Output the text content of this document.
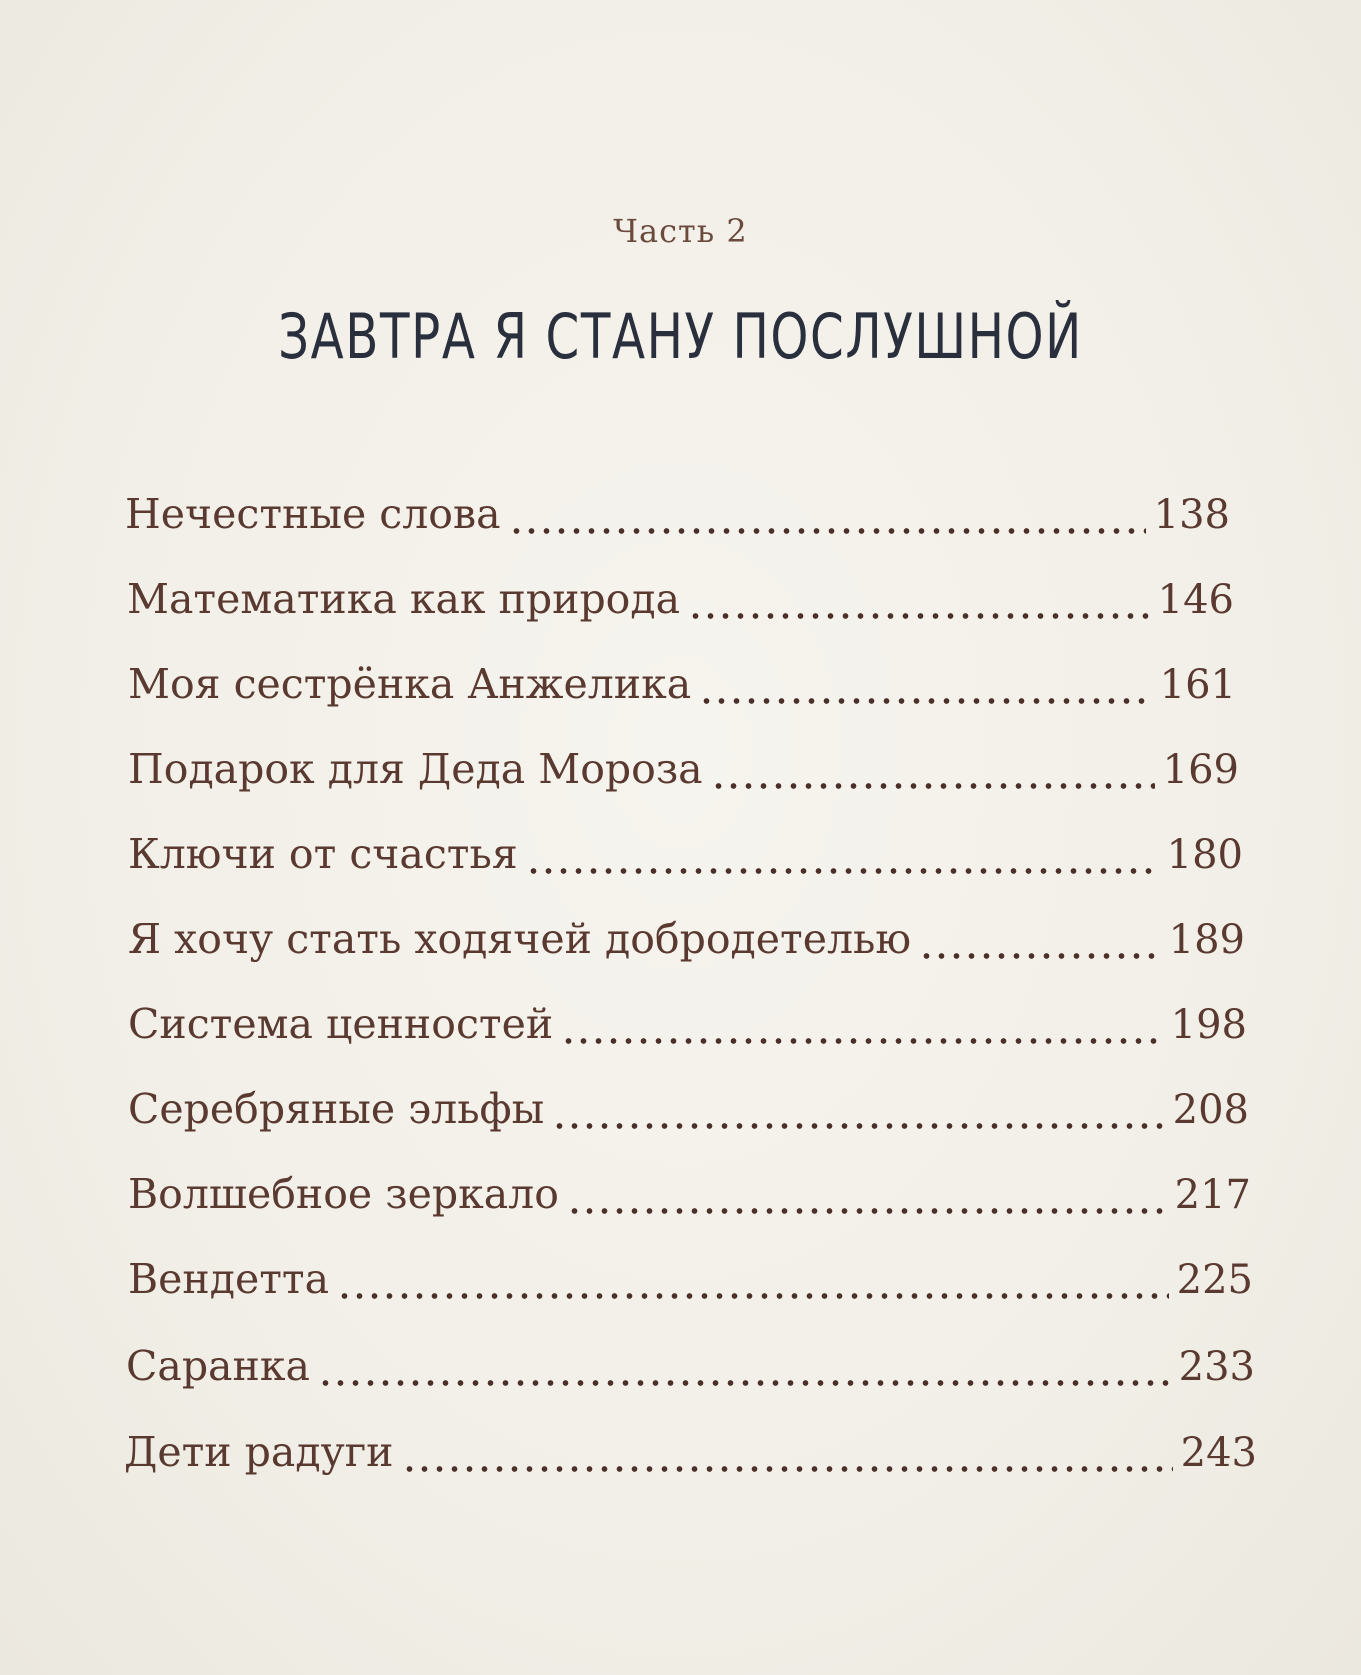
Часть 2
ЗАВТРА Я СТАНУ ПОСЛУШНОЙ
Нечестные слова	138
Математика как природа	146
Моя сестрёнка Анжелика	161
Подарок для Деда Мороза	169
Ключи от счастья	180
Я хочу стать ходячей добродетелью	189
Система ценностей	198
Серебряные эльфы	208
Волшебное зеркало	217
Вендетта	225
Саранка	233
Дети радуги	243
